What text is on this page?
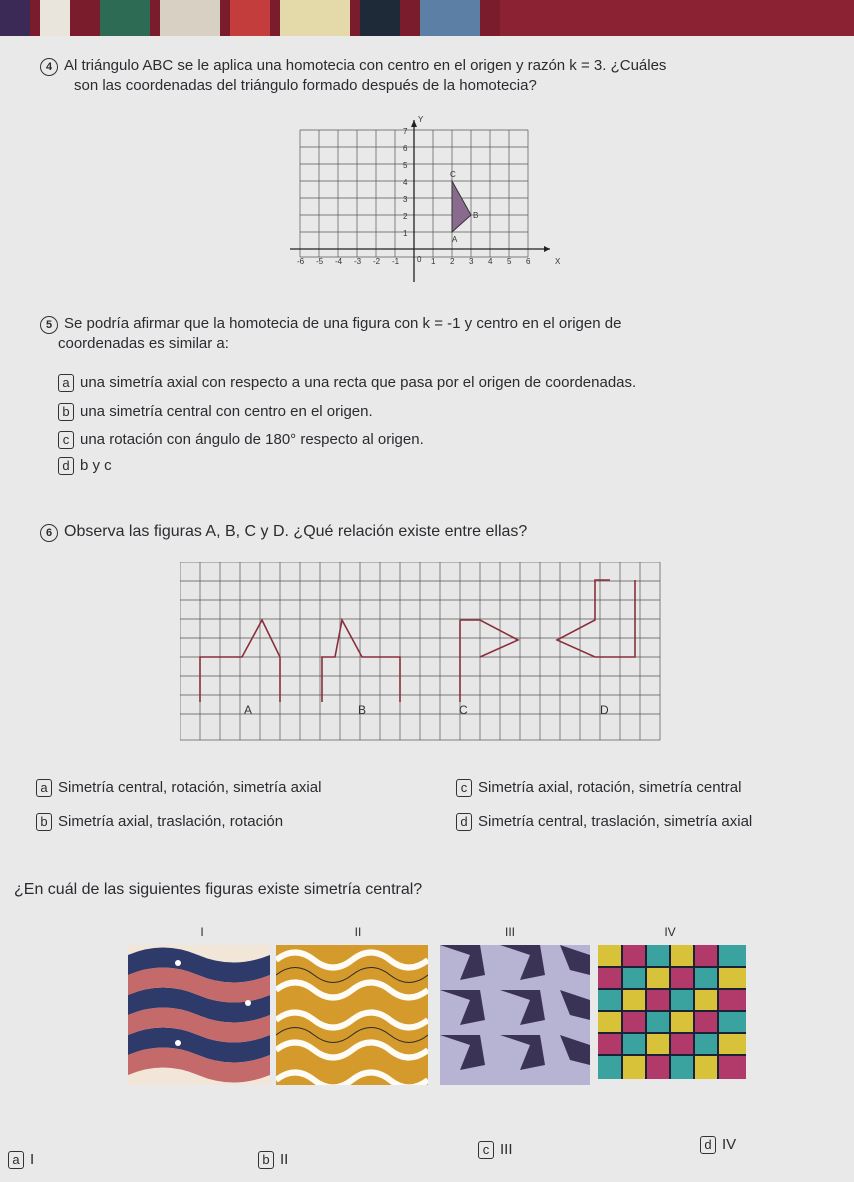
4 Al triángulo ABC se le aplica una homotecia con centro en el origen y razón k = 3. ¿Cuáles
son las coordenadas del triángulo formado después de la homotecia?
-6 -5 -4 -3 -2 -1 0 1 2 3 4 5 6	X
1
2
3
4
5
6
7
Y
A
B
C
5 Se podría afirmar que la homotecia de una figura con k = -1 y centro en el origen de
coordenadas es similar a:
a una simetría axial con respecto a una recta que pasa por el origen de coordenadas.
b una simetría central con centro en el origen.
c una rotación con ángulo de 180° respecto al origen.
d b y c
6 Observa las figuras A, B, C y D. ¿Qué relación existe entre ellas?
A	B	C	D
a Simetría central, rotación, simetría axial
b Simetría axial, traslación, rotación
c Simetría axial, rotación, simetría central
d Simetría central, traslación, simetría axial
¿En cuál de las siguientes figuras existe simetría central?
I	II	III	IV
a I	b II
c III	d IV
